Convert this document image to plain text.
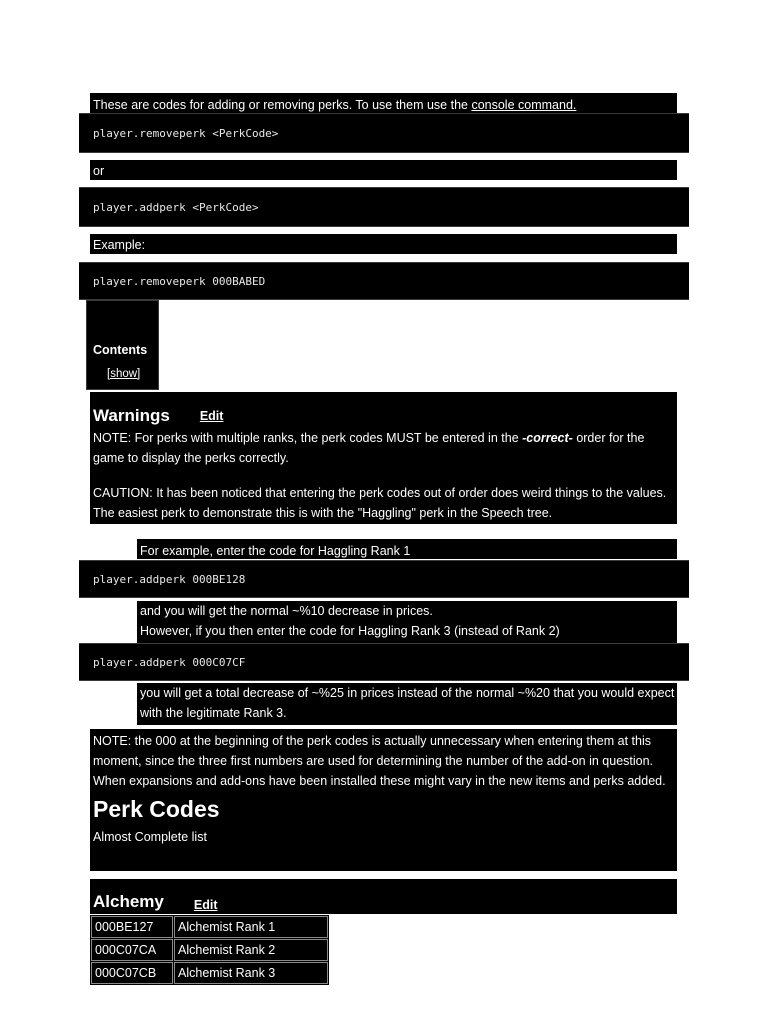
These are codes for adding or removing perks. To use them use the console command.
player.removeperk <PerkCode>
or
player.addperk <PerkCode>
Example:
player.removeperk 000BABED
Contents
[show]
Warnings Edit
NOTE: For perks with multiple ranks, the perk codes MUST be entered in the -correct- order for the game to display the perks correctly.
CAUTION: It has been noticed that entering the perk codes out of order does weird things to the values. The easiest perk to demonstrate this is with the "Haggling" perk in the Speech tree.
For example, enter the code for Haggling Rank 1
player.addperk 000BE128
and you will get the normal ~%10 decrease in prices.
However, if you then enter the code for Haggling Rank 3 (instead of Rank 2)
player.addperk 000C07CF
you will get a total decrease of ~%25 in prices instead of the normal ~%20 that you would expect with the legitimate Rank 3.
NOTE: the 000 at the beginning of the perk codes is actually unnecessary when entering them at this moment, since the three first numbers are used for determining the number of the add-on in question. When expansions and add-ons have been installed these might vary in the new items and perks added.
Perk Codes
Almost Complete list
Alchemy Edit
000BE127	Alchemist Rank 1
000C07CA	Alchemist Rank 2
000C07CB	Alchemist Rank 3
